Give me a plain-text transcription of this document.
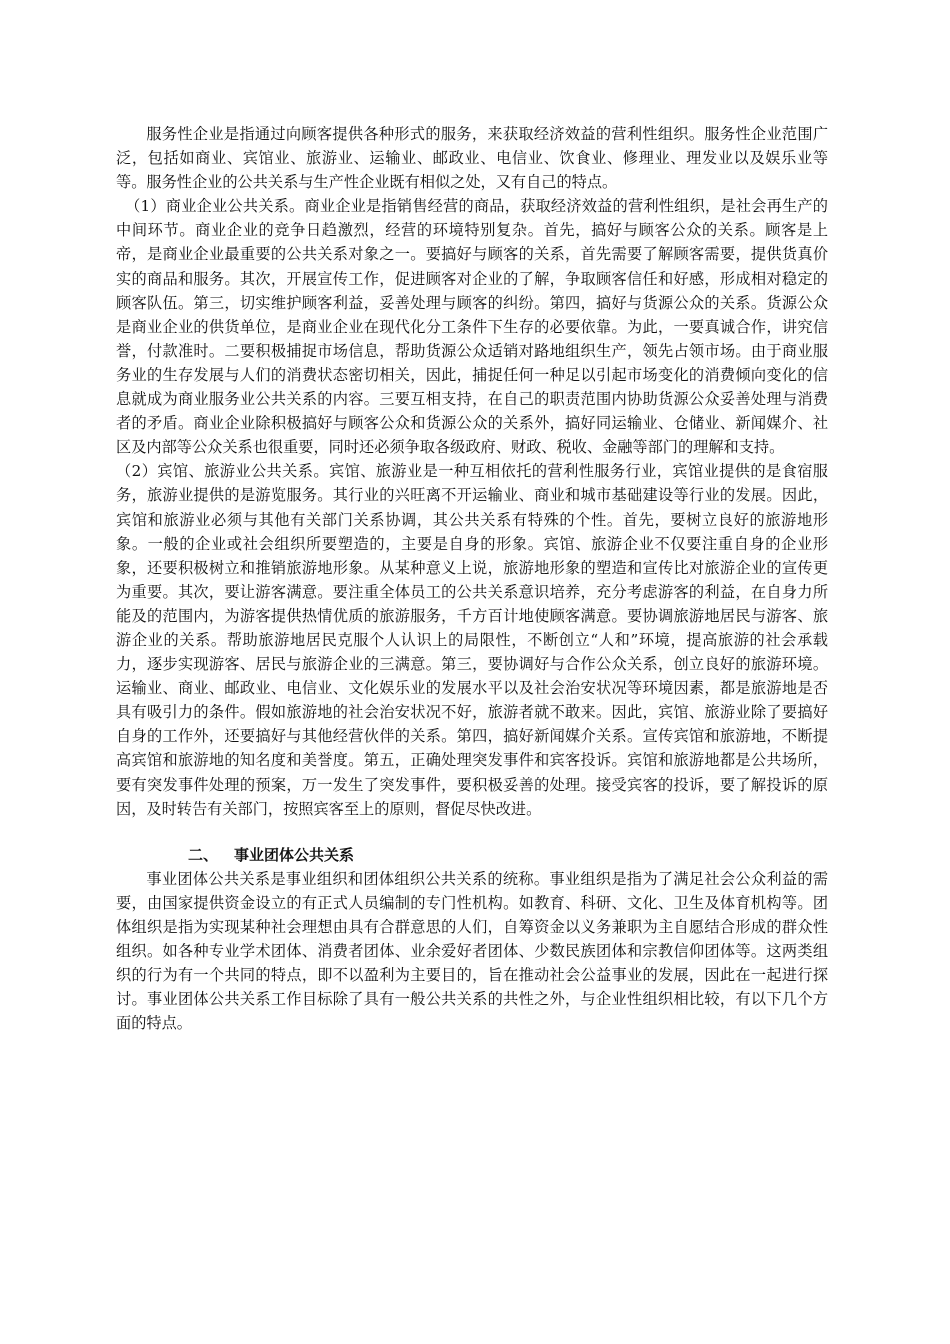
服务性企业是指通过向顾客提供各种形式的服务，来获取经济效益的营利性组织。服务性企业范围广泛，包括如商业、宾馆业、旅游业、运输业、邮政业、电信业、饮食业、修理业、理发业以及娱乐业等等。服务性企业的公共关系与生产性企业既有相似之处，又有自己的特点。

（1）商业企业公共关系。商业企业是指销售经营的商品，获取经济效益的营利性组织，是社会再生产的中间环节。商业企业的竞争日趋激烈，经营的环境特别复杂。首先，搞好与顾客公众的关系。顾客是上帝，是商业企业最重要的公共关系对象之一。要搞好与顾客的关系，首先需要了解顾客需要，提供货真价实的商品和服务。其次，开展宣传工作，促进顾客对企业的了解，争取顾客信任和好感，形成相对稳定的顾客队伍。第三，切实维护顾客利益，妥善处理与顾客的纠纷。第四，搞好与货源公众的关系。货源公众是商业企业的供货单位，是商业企业在现代化分工条件下生存的必要依靠。为此，一要真诚合作，讲究信誉，付款准时。二要积极捕捉市场信息，帮助货源公众适销对路地组织生产，领先占领市场。由于商业服务业的生存发展与人们的消费状态密切相关，因此，捕捉任何一种足以引起市场变化的消费倾向变化的信息就成为商业服务业公共关系的内容。三要互相支持，在自己的职责范围内协助货源公众妥善处理与消费者的矛盾。商业企业除积极搞好与顾客公众和货源公众的关系外，搞好同运输业、仓储业、新闻媒介、社区及内部等公众关系也很重要，同时还必须争取各级政府、财政、税收、金融等部门的理解和支持。

（2）宾馆、旅游业公共关系。宾馆、旅游业是一种互相依托的营利性服务行业，宾馆业提供的是食宿服务，旅游业提供的是游览服务。其行业的兴旺离不开运输业、商业和城市基础建设等行业的发展。因此，宾馆和旅游业必须与其他有关部门关系协调，其公共关系有特殊的个性。首先，要树立良好的旅游地形象。一般的企业或社会组织所要塑造的，主要是自身的形象。宾馆、旅游企业不仅要注重自身的企业形象，还要积极树立和推销旅游地形象。从某种意义上说，旅游地形象的塑造和宣传比对旅游企业的宣传更为重要。其次，要让游客满意。要注重全体员工的公共关系意识培养，充分考虑游客的利益，在自身力所能及的范围内，为游客提供热情优质的旅游服务，千方百计地使顾客满意。要协调旅游地居民与游客、旅游企业的关系。帮助旅游地居民克服个人认识上的局限性，不断创立“人和”环境，提高旅游的社会承载力，逐步实现游客、居民与旅游企业的三满意。第三，要协调好与合作公众关系，创立良好的旅游环境。运输业、商业、邮政业、电信业、文化娱乐业的发展水平以及社会治安状况等环境因素，都是旅游地是否具有吸引力的条件。假如旅游地的社会治安状况不好，旅游者就不敢来。因此，宾馆、旅游业除了要搞好自身的工作外，还要搞好与其他经营伙伴的关系。第四，搞好新闻媒介关系。宣传宾馆和旅游地，不断提高宾馆和旅游地的知名度和美誉度。第五，正确处理突发事件和宾客投诉。宾馆和旅游地都是公共场所，要有突发事件处理的预案，万一发生了突发事件，要积极妥善的处理。接受宾客的投诉，要了解投诉的原因，及时转告有关部门，按照宾客至上的原则，督促尽快改进。

二、 事业团体公共关系

事业团体公共关系是事业组织和团体组织公共关系的统称。事业组织是指为了满足社会公众利益的需要，由国家提供资金设立的有正式人员编制的专门性机构。如教育、科研、文化、卫生及体育机构等。团体组织是指为实现某种社会理想由具有合群意思的人们，自筹资金以义务兼职为主自愿结合形成的群众性组织。如各种专业学术团体、消费者团体、业余爱好者团体、少数民族团体和宗教信仰团体等。这两类组织的行为有一个共同的特点，即不以盈利为主要目的，旨在推动社会公益事业的发展，因此在一起进行探讨。事业团体公共关系工作目标除了具有一般公共关系的共性之外，与企业性组织相比较，有以下几个方面的特点。
